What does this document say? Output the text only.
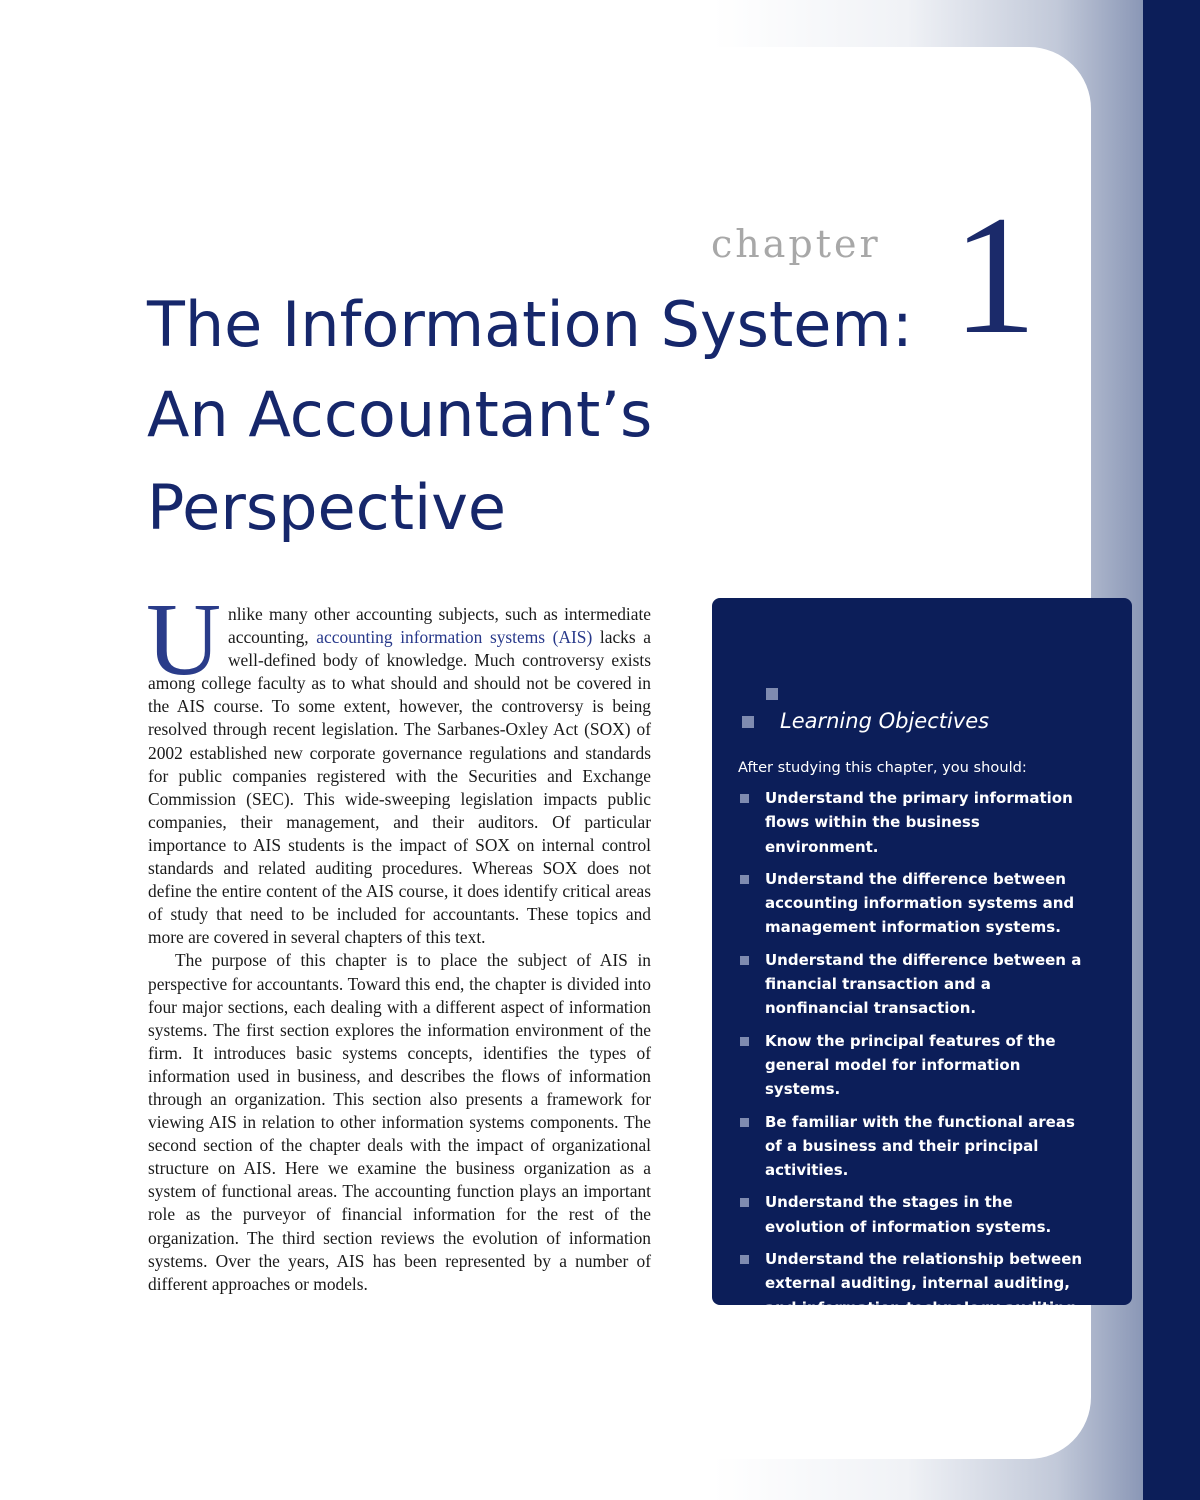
chapter 1
The Information System:
An Accountant’s
Perspective
U nlike many other accounting subjects, such as intermediate accounting, accounting information systems (AIS) lacks a well-defined body of knowledge. Much controversy exists among college faculty as to what should and should not be covered in the AIS course. To some extent, however, the controversy is being resolved through recent legislation. The Sarbanes-Oxley Act (SOX) of 2002 established new corporate governance regulations and standards for public companies registered with the Securities and Exchange Commission (SEC). This wide-sweeping legislation impacts public companies, their management, and their auditors. Of particular importance to AIS students is the impact of SOX on internal control standards and related auditing procedures. Whereas SOX does not define the entire content of the AIS course, it does identify critical areas of study that need to be included for accountants. These topics and more are covered in several chapters of this text.

The purpose of this chapter is to place the subject of AIS in perspective for accountants. Toward this end, the chapter is divided into four major sections, each dealing with a different aspect of information systems. The first section explores the information environment of the firm. It introduces basic systems concepts, identifies the types of information used in business, and describes the flows of information through an organization. This section also presents a framework for viewing AIS in relation to other information systems components. The second section of the chapter deals with the impact of organizational structure on AIS. Here we examine the business organization as a system of functional areas. The accounting function plays an important role as the purveyor of financial information for the rest of the organization. The third section reviews the evolution of information systems. Over the years, AIS has been represented by a number of different approaches or models.

Learning Objectives
After studying this chapter, you should:
Understand the primary information flows within the business environment.
Understand the difference between accounting information systems and management information systems.
Understand the difference between a financial transaction and a nonfinancial transaction.
Know the principal features of the general model for information systems.
Be familiar with the functional areas of a business and their principal activities.
Understand the stages in the evolution of information systems.
Understand the relationship between external auditing, internal auditing, and information technology auditing.
